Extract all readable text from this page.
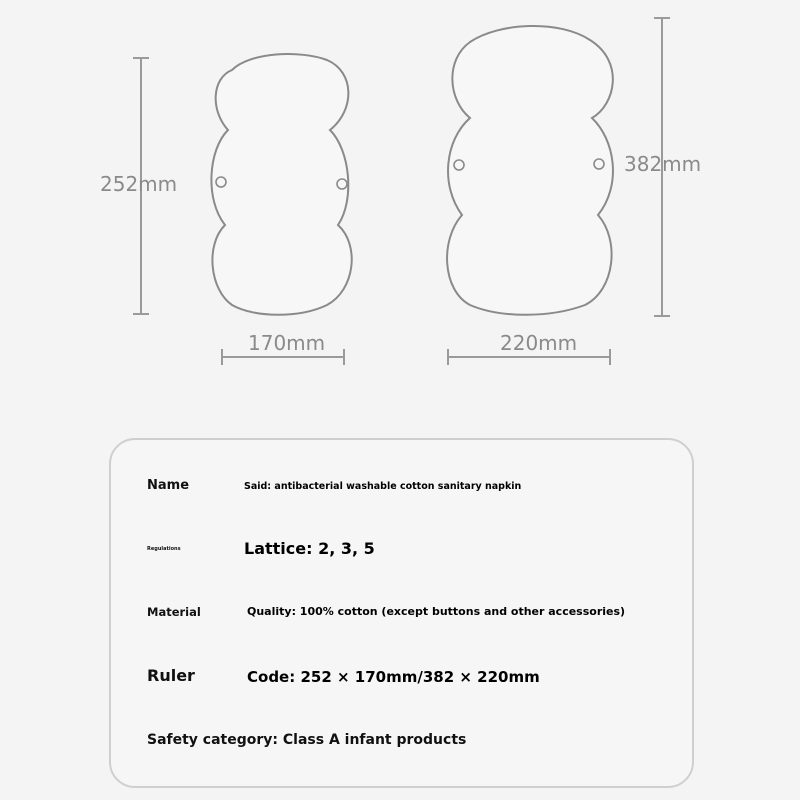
252mm
170mm
382mm
220mm
Name	Said: antibacterial washable cotton sanitary napkin
Regulations	Lattice: 2, 3, 5
Material	Quality: 100% cotton (except buttons and other accessories)
Ruler	Code: 252 × 170mm/382 × 220mm
Safety category: Class A infant products
